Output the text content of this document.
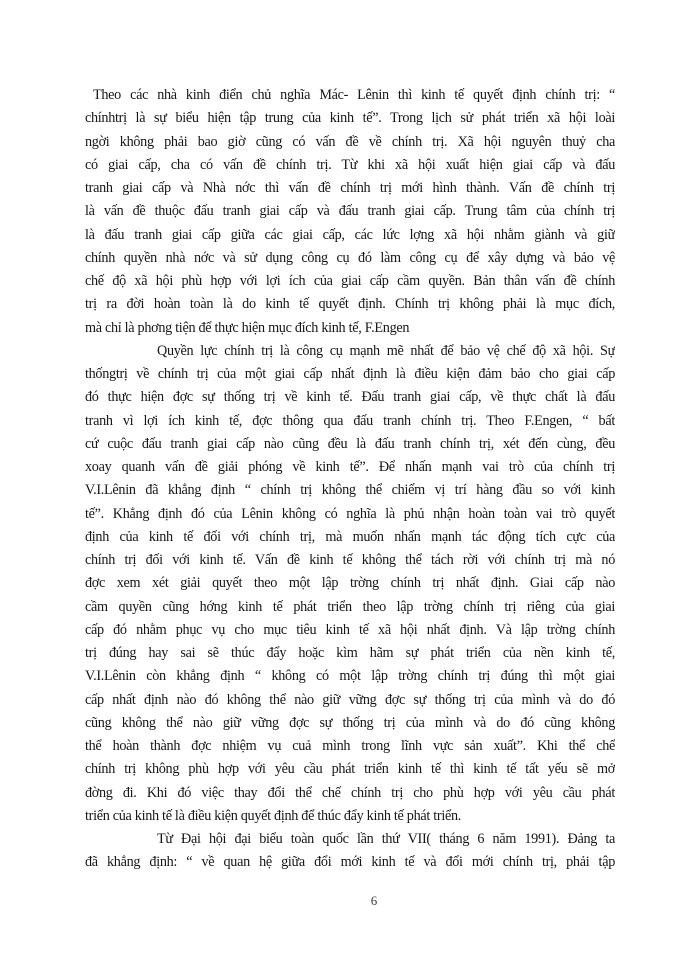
Theo các nhà kinh điển chủ nghĩa Mác- Lênin thì kinh tế quyết định chính trị: “
chínhtrị là sự biểu hiện tập trung của kinh tế”. Trong lịch sử phát triển xã hội loài
ngời không phải bao giờ cũng có vấn đề về chính trị. Xã hội nguyên thuỷ cha
có giai cấp, cha có vấn đề chính trị. Từ khi xã hội xuất hiện giai cấp và đấu
tranh giai cấp và Nhà nớc thì vấn đề chính trị mới hình thành. Vấn đề chính trị
là vấn đề thuộc đấu tranh giai cấp và đấu tranh giai cấp. Trung tâm của chính trị
là đấu tranh giai cấp giữa các giai cấp, các lức lợng xã hội nhằm giành và giữ
chính quyền nhà nớc và sử dụng công cụ đó làm công cụ để xây dựng và bảo vệ
chế độ xã hội phù hợp với lợi ích của giai cấp cầm quyền. Bản thân vấn đề chính
trị ra đời hoàn toàn là do kinh tế quyết định. Chính trị không phải là mục đích,
mà chỉ là phơng tiện để thực hiện mục đích kinh tế, F.Engen
Quyền lực chính trị là công cụ mạnh mẽ nhất để bảo vệ chế độ xã hội. Sự
thốngtrị về chính trị của một giai cấp nhất định là điều kiện đảm bảo cho giai cấp
đó thực hiện đợc sự thống trị về kinh tế. Đấu tranh giai cấp, về thực chất là đấu
tranh vì lợi ích kinh tế, đợc thông qua đấu tranh chính trị. Theo F.Engen, “ bất
cứ cuộc đấu tranh giai cấp nào cũng đều là đấu tranh chính trị, xét đến cùng, đều
xoay quanh vấn đề giải phóng về kinh tế”. Để nhấn mạnh vai trò của chính trị
V.I.Lênin đã khẳng định “ chính trị không thể chiếm vị trí hàng đầu so với kinh
tế”. Khẳng định đó của Lênin không có nghĩa là phủ nhận hoàn toàn vai trò quyết
định của kinh tế đối với chính trị, mà muốn nhấn mạnh tác động tích cực của
chính trị đối với kinh tế. Vấn đề kinh tế không thể tách rời với chính trị mà nó
đợc xem xét giải quyết theo một lập trờng chính trị nhất định. Giai cấp nào
cầm quyền cũng hớng kinh tế phát triển theo lập trờng chính trị riêng của giai
cấp đó nhằm phục vụ cho mục tiêu kinh tế xã hội nhất định. Và lập trờng chính
trị đúng hay sai sẽ thúc đẩy hoặc kìm hãm sự phát triển của nền kinh tế,
V.I.Lênin còn khẳng định “ không có một lập trờng chính trị đúng thì một giai
cấp nhất định nào đó không thể nào giữ vững đợc sự thống trị của mình và do đó
cũng không thể nào giữ vững đợc sự thống trị của mình và do đó cũng không
thể hoàn thành đợc nhiệm vụ cuả mình trong lĩnh vực sản xuất”. Khi thể chế
chính trị không phù hợp với yêu cầu phát triển kinh tế thì kinh tế tất yếu sẽ mở
đờng đi. Khi đó việc thay đổi thể chế chính trị cho phù hợp với yêu cầu phát
triển của kinh tế là điều kiện quyết định để thúc đẩy kinh tế phát triển.
Từ Đại hội đại biểu toàn quốc lần thứ VII( tháng 6 năm 1991). Đảng ta
đã khẳng định: “ về quan hệ giữa đổi mới kinh tế và đổi mới chính trị, phải tập
6
